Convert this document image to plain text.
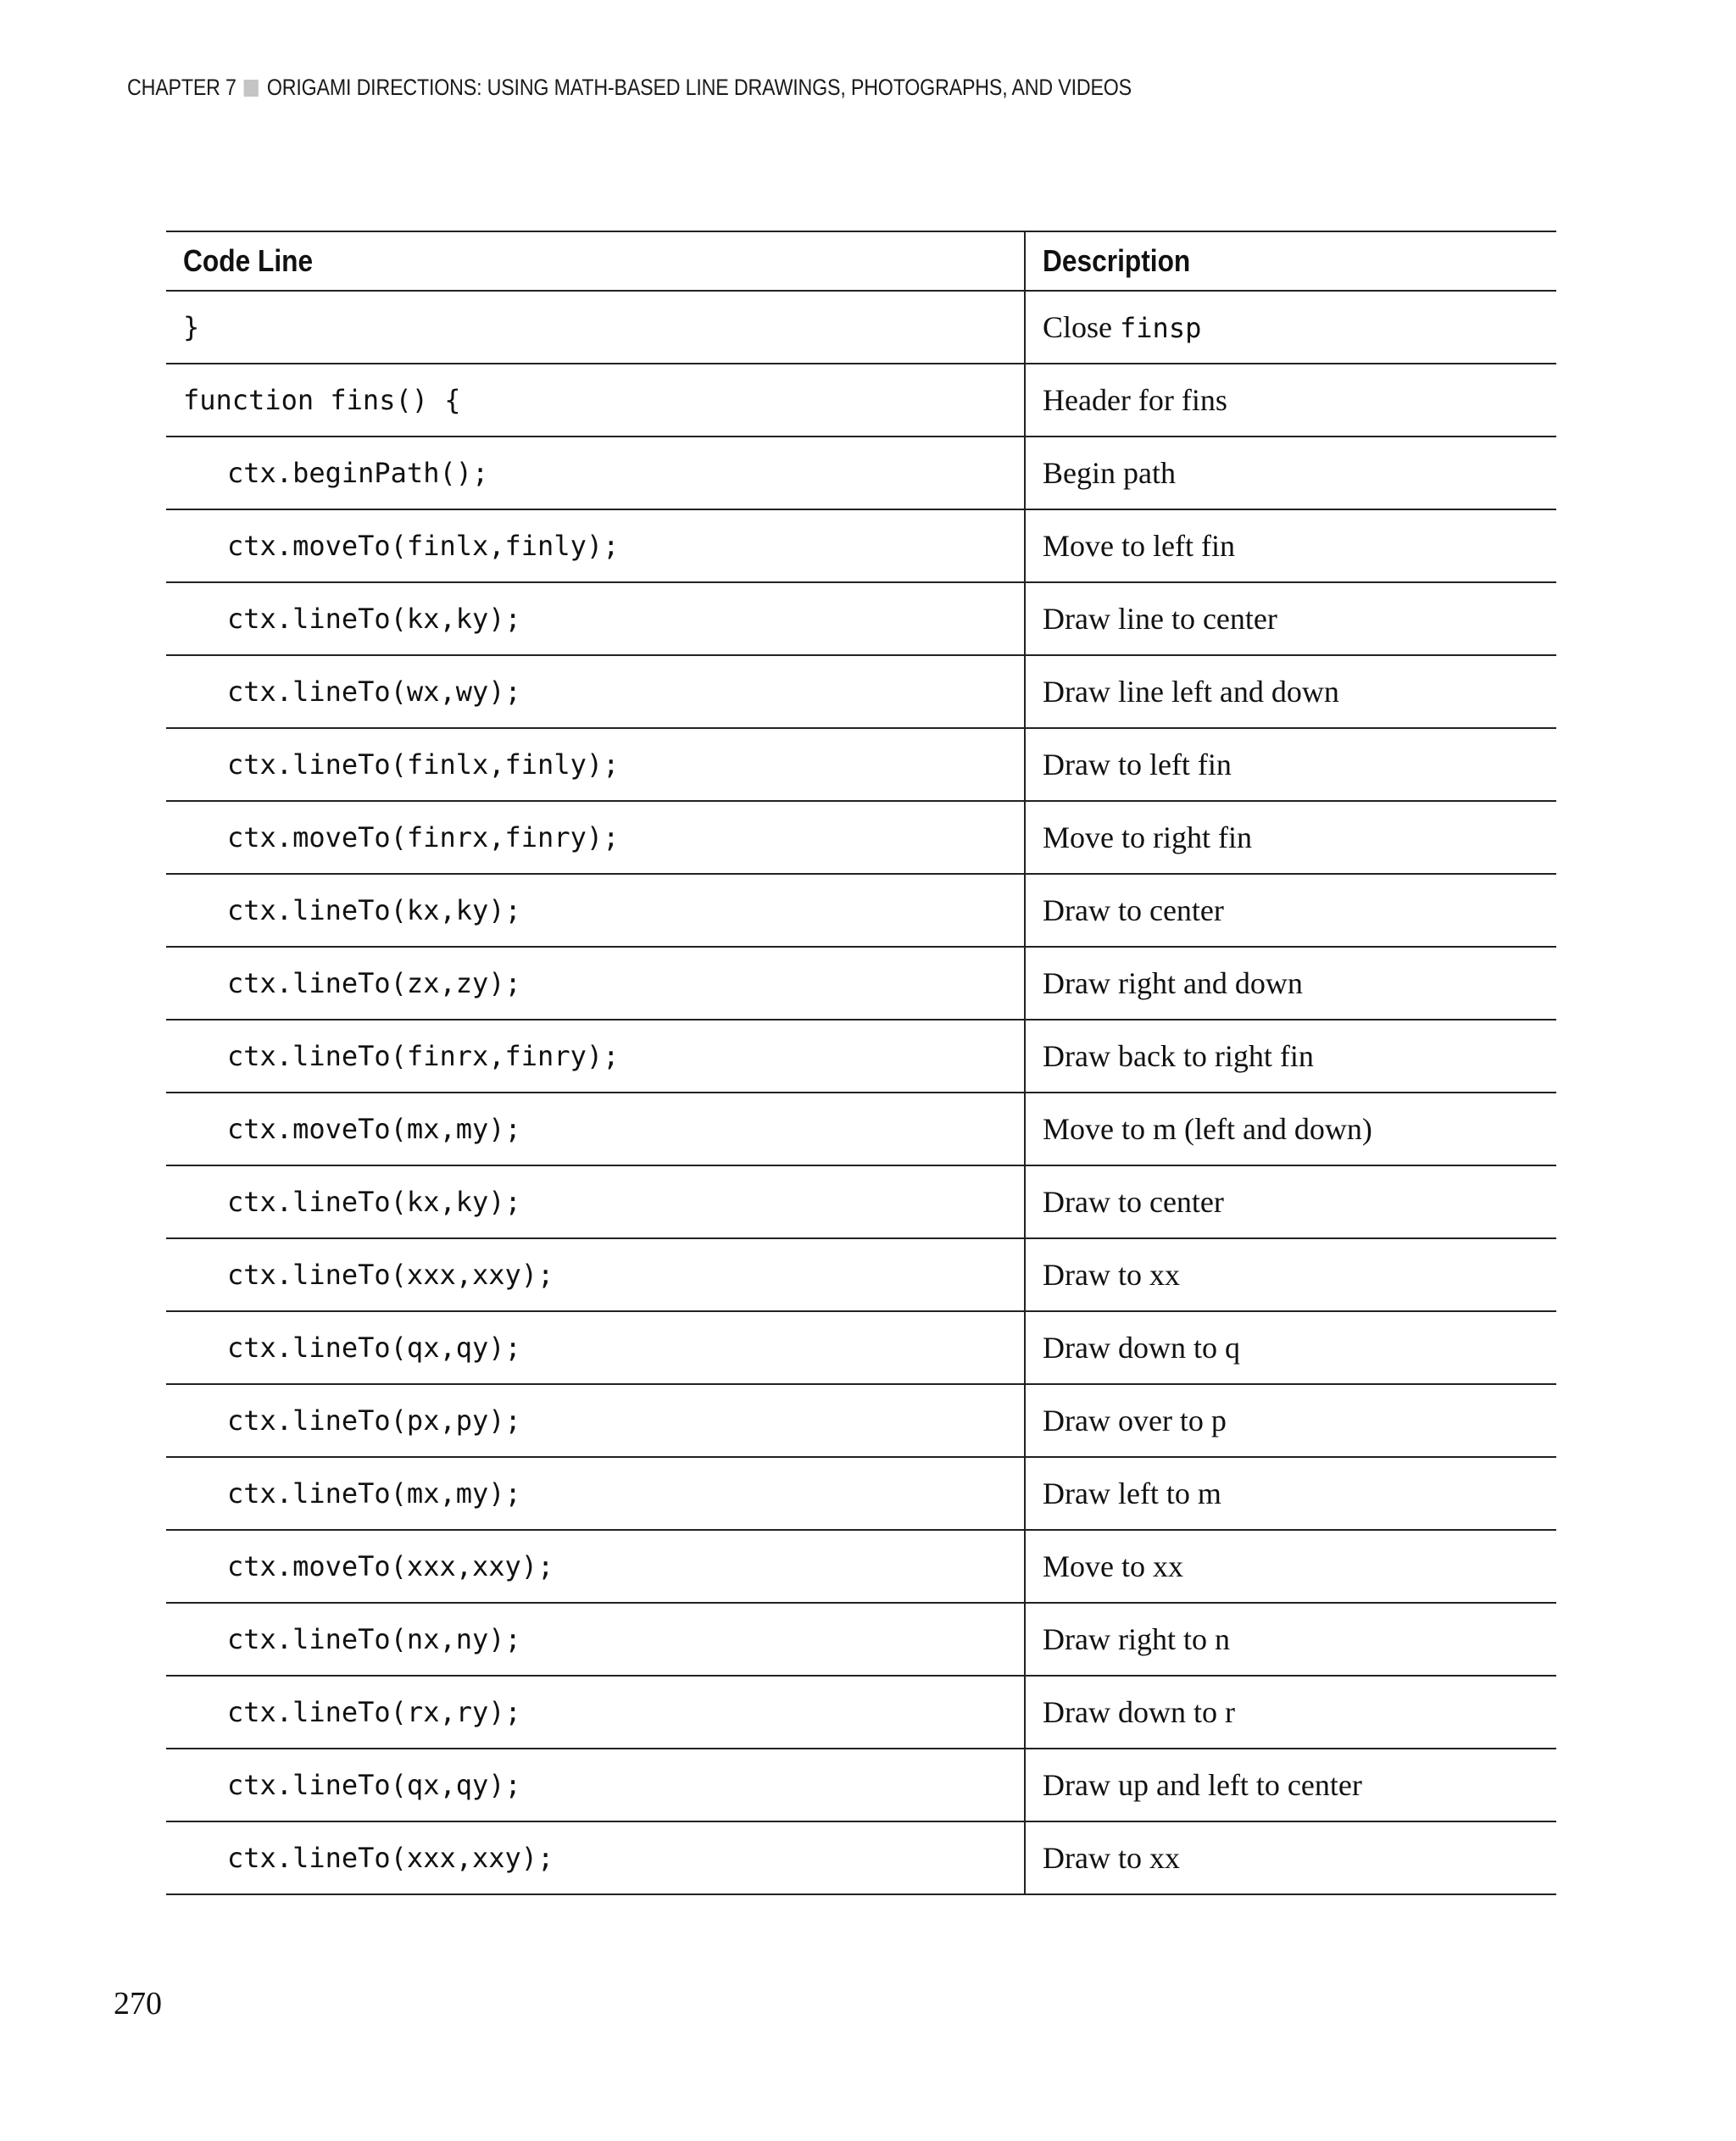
CHAPTER 7 ORIGAMI DIRECTIONS: USING MATH-BASED LINE DRAWINGS, PHOTOGRAPHS, AND VIDEOS
Code Line	Description
}	Close finsp
function fins() {	Header for fins
ctx.beginPath();	Begin path
ctx.moveTo(finlx,finly);	Move to left fin
ctx.lineTo(kx,ky);	Draw line to center
ctx.lineTo(wx,wy);	Draw line left and down
ctx.lineTo(finlx,finly);	Draw to left fin
ctx.moveTo(finrx,finry);	Move to right fin
ctx.lineTo(kx,ky);	Draw to center
ctx.lineTo(zx,zy);	Draw right and down
ctx.lineTo(finrx,finry);	Draw back to right fin
ctx.moveTo(mx,my);	Move to m (left and down)
ctx.lineTo(kx,ky);	Draw to center
ctx.lineTo(xxx,xxy);	Draw to xx
ctx.lineTo(qx,qy);	Draw down to q
ctx.lineTo(px,py);	Draw over to p
ctx.lineTo(mx,my);	Draw left to m
ctx.moveTo(xxx,xxy);	Move to xx
ctx.lineTo(nx,ny);	Draw right to n
ctx.lineTo(rx,ry);	Draw down to r
ctx.lineTo(qx,qy);	Draw up and left to center
ctx.lineTo(xxx,xxy);	Draw to xx
270
